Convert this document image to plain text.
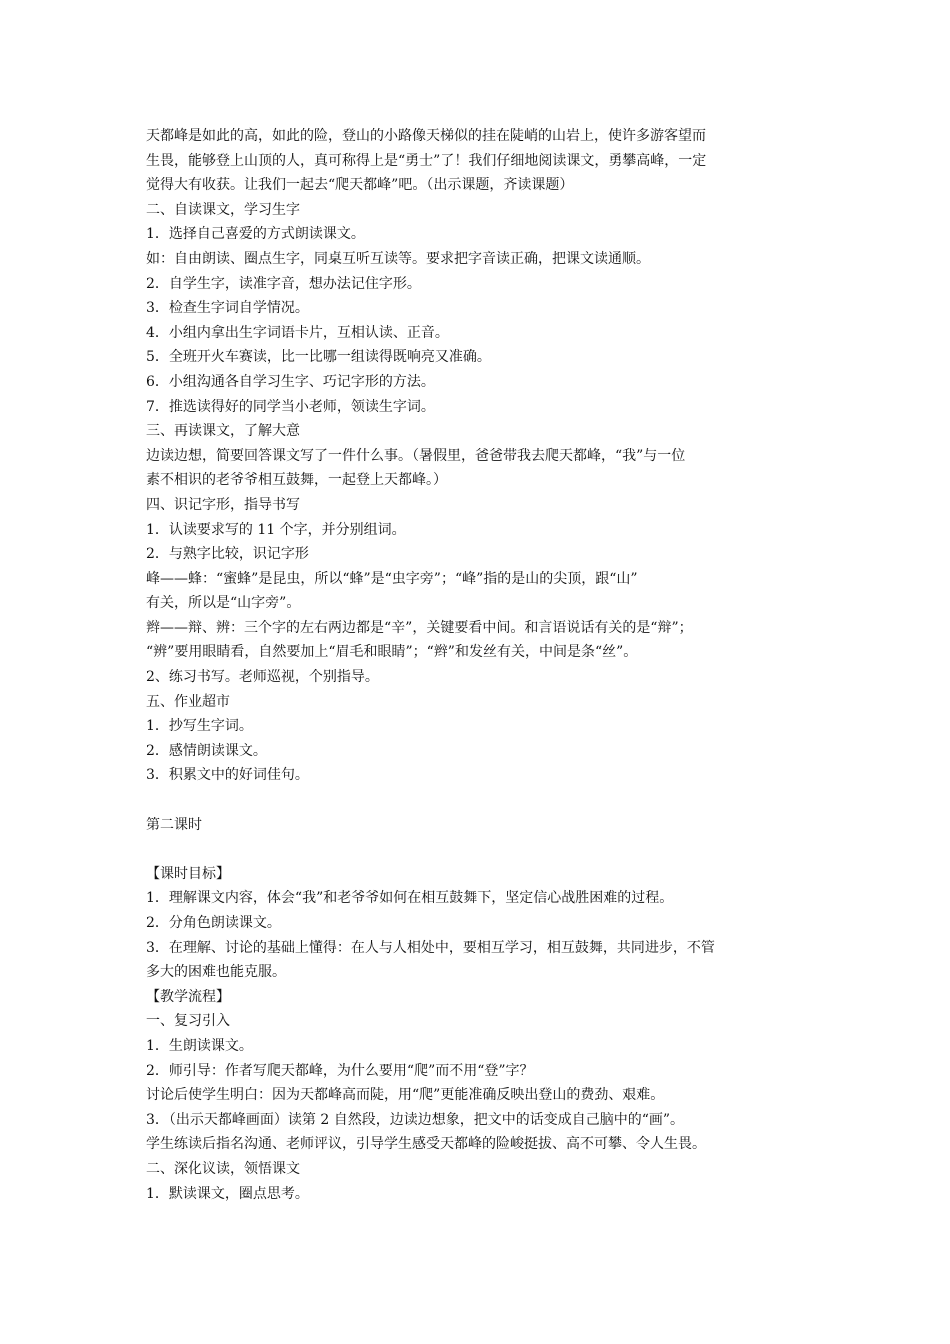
天都峰是如此的高，如此的险，登山的小路像天梯似的挂在陡峭的山岩上，使许多游客望而
生畏，能够登上山顶的人，真可称得上是“勇士”了！我们仔细地阅读课文，勇攀高峰，一定
觉得大有收获。让我们一起去“爬天都峰”吧。（出示课题，齐读课题）
二、自读课文，学习生字
1．选择自己喜爱的方式朗读课文。
如：自由朗读、圈点生字，同桌互听互读等。要求把字音读正确，把课文读通顺。
2．自学生字，读准字音，想办法记住字形。
3．检查生字词自学情况。
4．小组内拿出生字词语卡片，互相认读、正音。
5．全班开火车赛读，比一比哪一组读得既响亮又准确。
6．小组沟通各自学习生字、巧记字形的方法。
7．推选读得好的同学当小老师，领读生字词。
三、再读课文，了解大意
边读边想，简要回答课文写了一件什么事。（暑假里，爸爸带我去爬天都峰，“我”与一位
素不相识的老爷爷相互鼓舞，一起登上天都峰。）
四、识记字形，指导书写
1．认读要求写的 11 个字，并分别组词。
2．与熟字比较，识记字形
峰——蜂：“蜜蜂”是昆虫，所以“蜂”是“虫字旁”；“峰”指的是山的尖顶，跟“山”
有关，所以是“山字旁”。
辫——辩、辨：三个字的左右两边都是“辛”，关键要看中间。和言语说话有关的是“辩”；
“辨”要用眼睛看，自然要加上“眉毛和眼睛”；“辫”和发丝有关，中间是条“丝”。
2、练习书写。老师巡视，个别指导。
五、作业超市
1．抄写生字词。
2．感情朗读课文。
3．积累文中的好词佳句。
第二课时
【课时目标】
1．理解课文内容，体会“我”和老爷爷如何在相互鼓舞下，坚定信心战胜困难的过程。
2．分角色朗读课文。
3．在理解、讨论的基础上懂得：在人与人相处中，要相互学习，相互鼓舞，共同进步，不管
多大的困难也能克服。
【教学流程】
一、复习引入
1．生朗读课文。
2．师引导：作者写爬天都峰，为什么要用“爬”而不用“登”字？
讨论后使学生明白：因为天都峰高而陡，用“爬”更能准确反映出登山的费劲、艰难。
3．（出示天都峰画面）读第 2 自然段，边读边想象，把文中的话变成自己脑中的“画”。
学生练读后指名沟通、老师评议，引导学生感受天都峰的险峻挺拔、高不可攀、令人生畏。
二、深化议读，领悟课文
1．默读课文，圈点思考。
